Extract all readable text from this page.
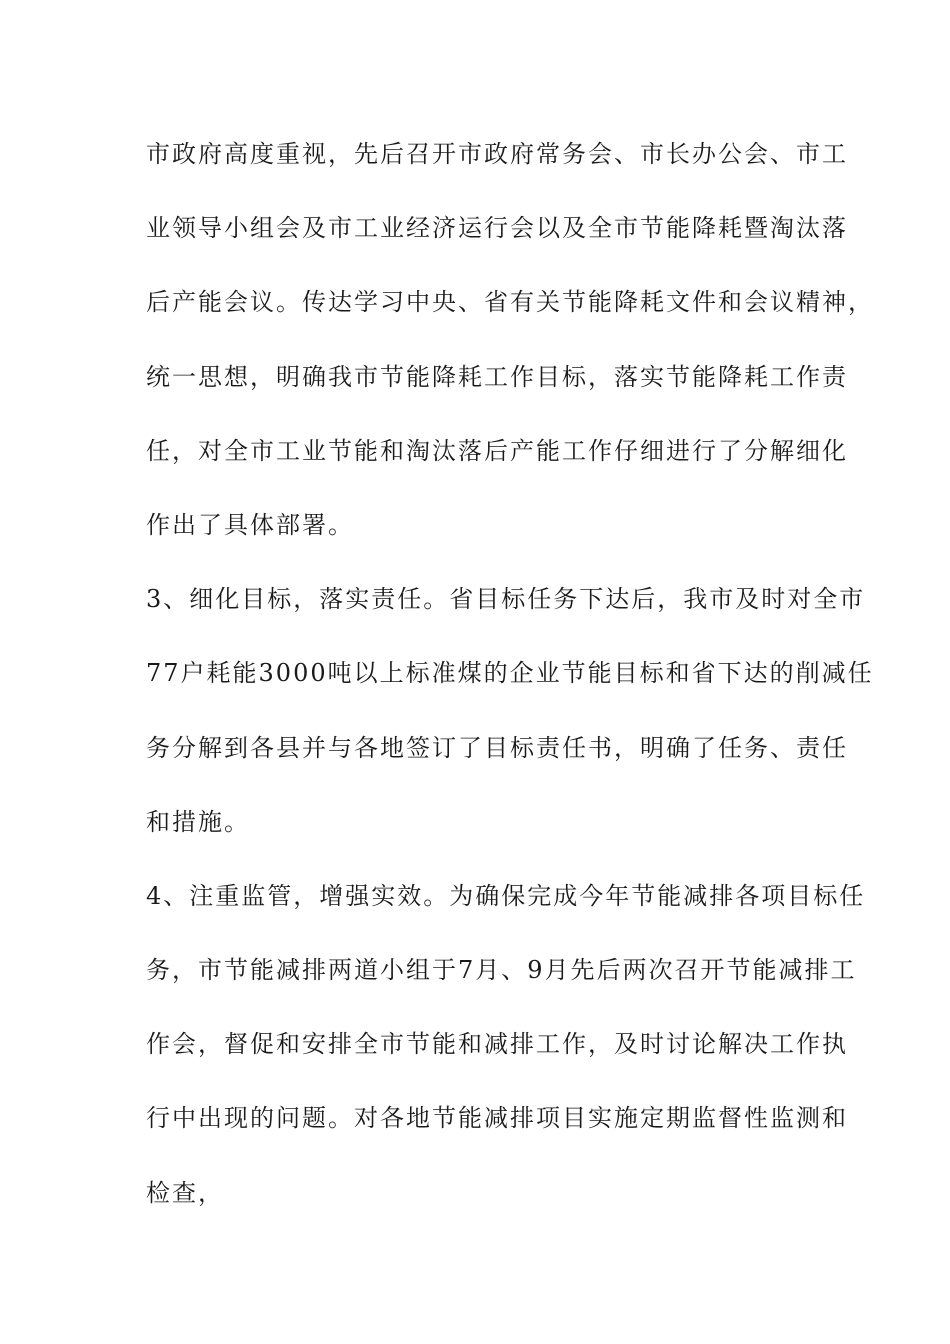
市政府高度重视，先后召开市政府常务会、市长办公会、市工
业领导小组会及市工业经济运行会以及全市节能降耗暨淘汰落
后产能会议。传达学习中央、省有关节能降耗文件和会议精神，
统一思想，明确我市节能降耗工作目标，落实节能降耗工作责
任，对全市工业节能和淘汰落后产能工作仔细进行了分解细化
作出了具体部署。
3、细化目标，落实责任。省目标任务下达后，我市及时对全市
77户耗能3000吨以上标准煤的企业节能目标和省下达的削减任
务分解到各县并与各地签订了目标责任书，明确了任务、责任
和措施。
4、注重监管，增强实效。为确保完成今年节能减排各项目标任
务，市节能减排两道小组于7月、9月先后两次召开节能减排工
作会，督促和安排全市节能和减排工作，及时讨论解决工作执
行中出现的问题。对各地节能减排项目实施定期监督性监测和
检查，
